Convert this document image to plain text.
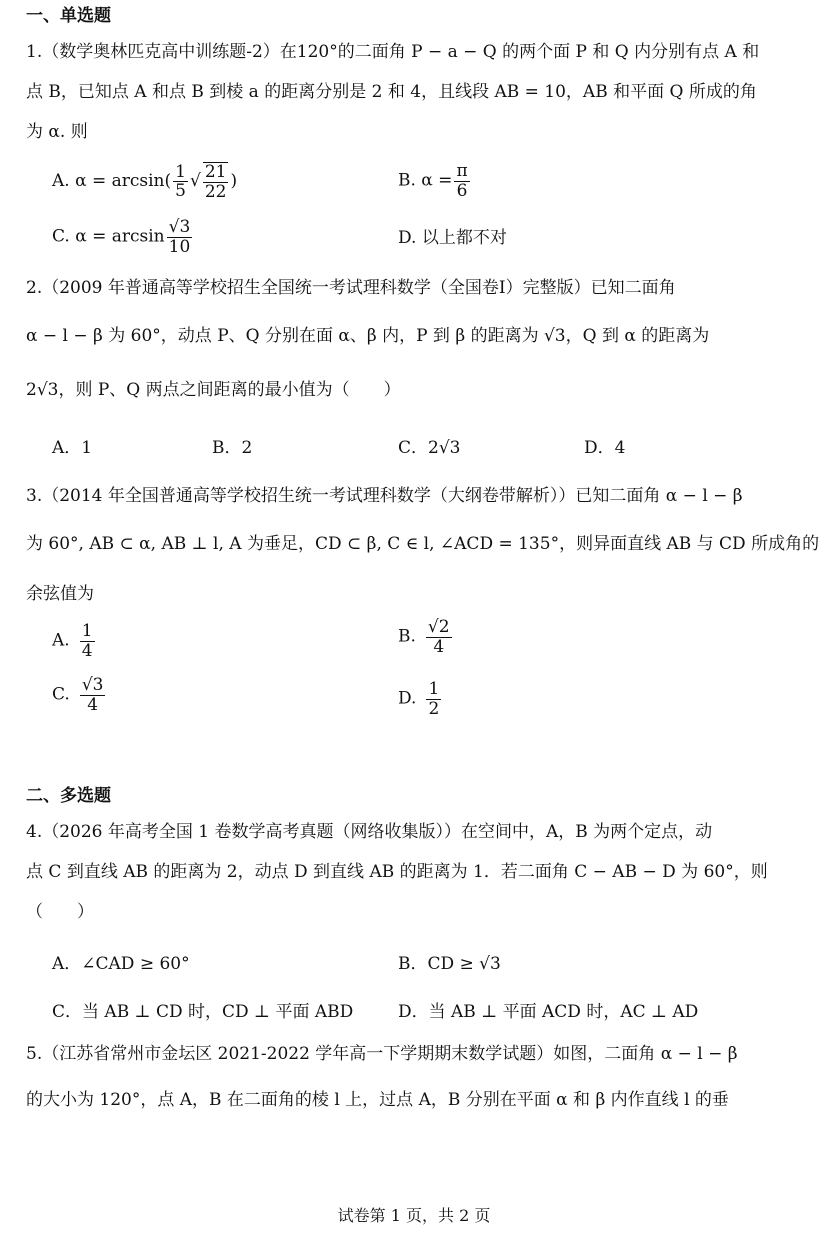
一、单选题
1.（数学奥林匹克高中训练题-2）在120°的二面角 P − a − Q 的两个面 P 和 Q 内分别有点 A 和
点 B，已知点 A 和点 B 到棱 a 的距离分别是 2 和 4，且线段 AB = 10，AB 和平面 Q 所成的角
为 α. 则
A. $\alpha = \arcsin( \frac{1}{5}$ √ $\frac{21}{22}$ )	B. $\alpha = \frac{\pi}{6}$
C. $\alpha = \arcsin \frac{√3}{10}$	D. 以上都不对
2.（2009 年普通高等学校招生全国统一考试理科数学（全国卷Ⅰ）完整版）已知二面角
α − l − β 为 60°，动点 P、Q 分别在面 α、β 内，P 到 β 的距离为 √3，Q 到 α 的距离为
2√3，则 P、Q 两点之间距离的最小值为（　　）
A．1	B．2	C．2√3	D．4
3.（2014 年全国普通高等学校招生统一考试理科数学（大纲卷带解析））已知二面角 α − l − β
为 60°, AB ⊂ α, AB ⊥ l, A 为垂足，CD ⊂ β, C ∈ l, ∠ACD = 135°，则异面直线 AB 与 CD 所成角的
余弦值为
A. $\frac{1}{4}$	B. $\frac{√2}{4}$
C. $\frac{√3}{4}$	D. $\frac{1}{2}$
二、多选题
4.（2026 年高考全国 1 卷数学高考真题（网络收集版））在空间中，A，B 为两个定点，动
点 C 到直线 AB 的距离为 2，动点 D 到直线 AB 的距离为 1．若二面角 C − AB − D 为 60°，则
（　　）
A．∠CAD ≥ 60°	B．CD ≥ √3
C．当 AB ⊥ CD 时，CD ⊥ 平面 ABD	D．当 AB ⊥ 平面 ACD 时，AC ⊥ AD
5.（江苏省常州市金坛区 2021-2022 学年高一下学期期末数学试题）如图，二面角 α − l − β
的大小为 120°，点 A，B 在二面角的棱 l 上，过点 A，B 分别在平面 α 和 β 内作直线 l 的垂
试卷第 1 页，共 2 页
